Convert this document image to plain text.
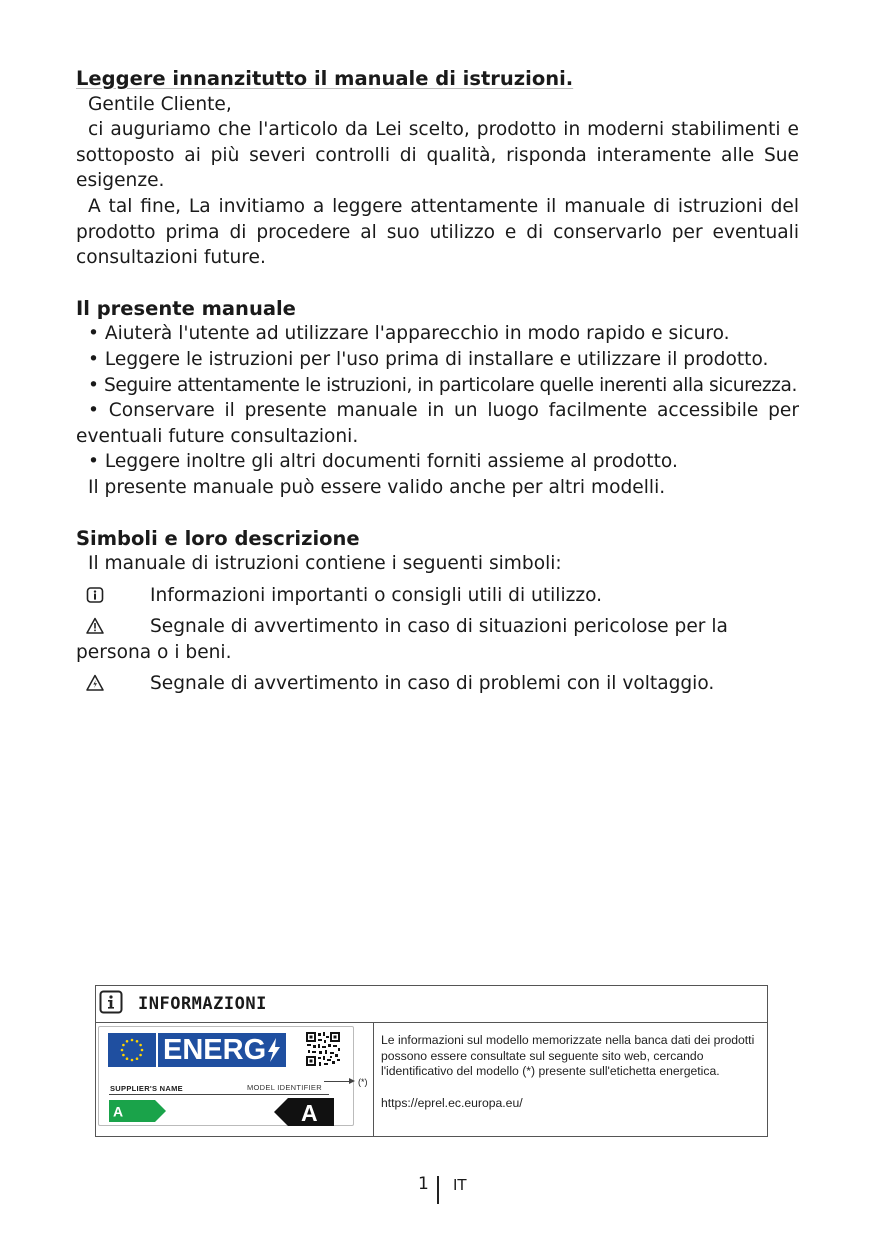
Leggere innanzitutto il manuale di istruzioni.

Gentile Cliente,

ci auguriamo che l'articolo da Lei scelto, prodotto in moderni stabilimenti e sottoposto ai più severi controlli di qualità, risponda interamente alle Sue esigenze.

A tal fine, La invitiamo a leggere attentamente il manuale di istruzioni del prodotto prima di procedere al suo utilizzo e di conservarlo per eventuali consultazioni future.

Il presente manuale

• Aiuterà l'utente ad utilizzare l'apparecchio in modo rapido e sicuro.

• Leggere le istruzioni per l'uso prima di installare e utilizzare il prodotto.

• Seguire attentamente le istruzioni, in particolare quelle inerenti alla sicurezza.

• Conservare il presente manuale in un luogo facilmente accessibile per eventuali future consultazioni.

• Leggere inoltre gli altri documenti forniti assieme al prodotto.

Il presente manuale può essere valido anche per altri modelli.

Simboli e loro descrizione

Il manuale di istruzioni contiene i seguenti simboli:

Informazioni importanti o consigli utili di utilizzo.
Segnale di avvertimento in caso di situazioni pericolose per la persona o i beni.
Segnale di avvertimento in caso di problemi con il voltaggio.
INFORMAZIONI
ENERG
SUPPLIER'S NAME	MODEL IDENTIFIER
A	A
(*)

Le informazioni sul modello memorizzate nella banca dati dei prodotti possono essere consultate sul seguente sito web, cercando l'identificativo del modello (*) presente sull'etichetta energetica.

https://eprel.ec.europa.eu/

1 IT
